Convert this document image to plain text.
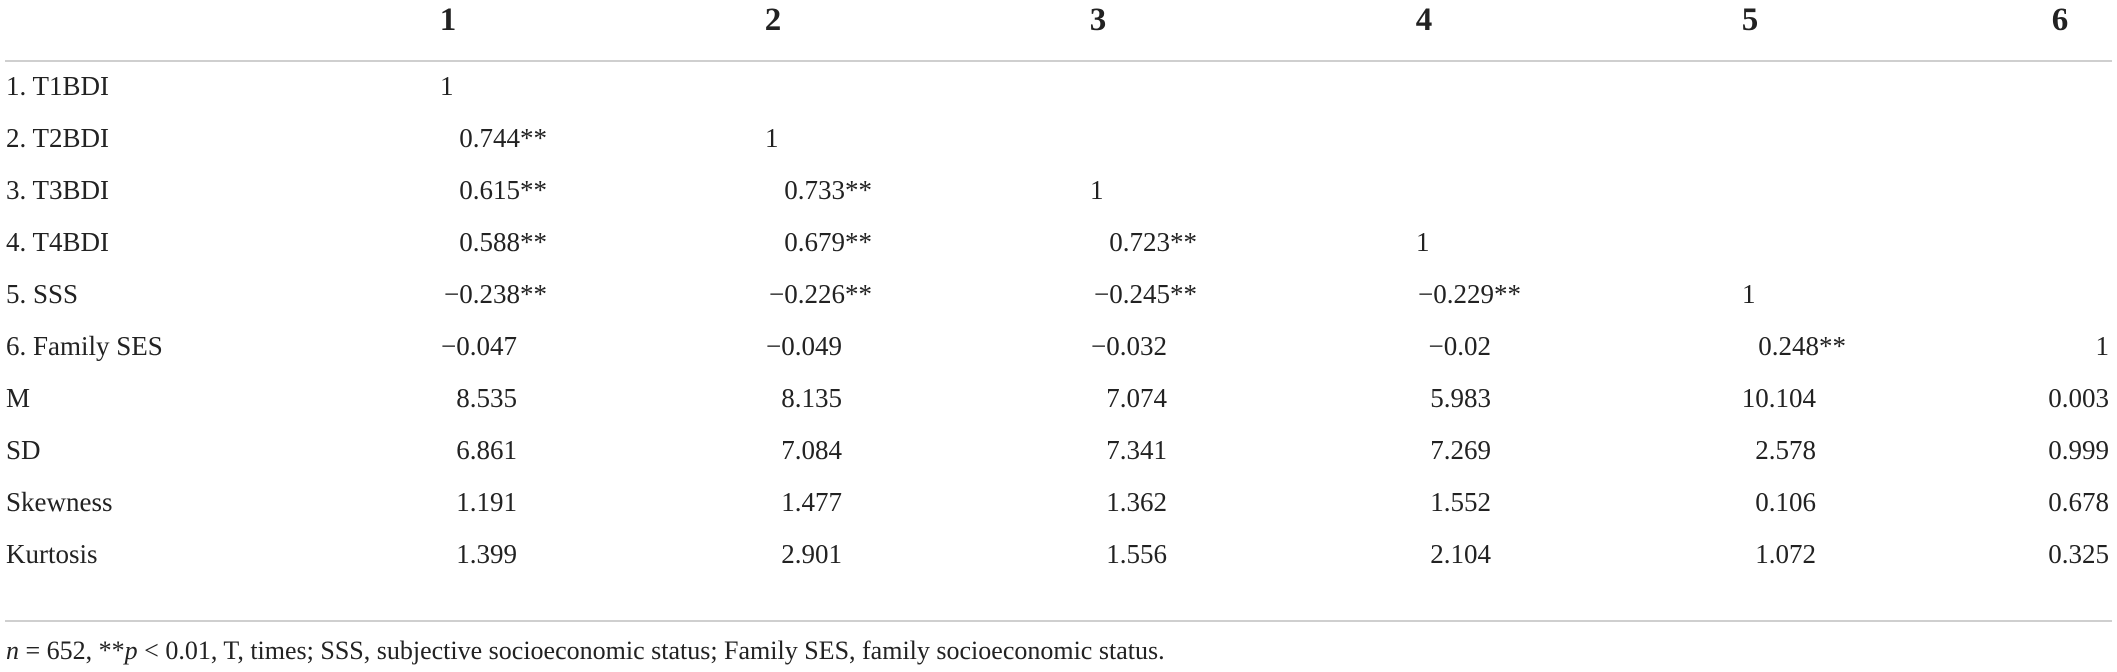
1	2	3	4	5	6
1. T1BDI	1
2. T2BDI	0.744**	1
3. T3BDI	0.615**	0.733**	1
4. T4BDI	0.588**	0.679**	0.723**	1
5. SSS	−0.238**	−0.226**	−0.245**	−0.229**	1
6. Family SES	−0.047	−0.049	−0.032	−0.02	0.248**	1
M	8.535	8.135	7.074	5.983	10.104	0.003
SD	6.861	7.084	7.341	7.269	2.578	0.999
Skewness	1.191	1.477	1.362	1.552	0.106	0.678
Kurtosis	1.399	2.901	1.556	2.104	1.072	0.325
n = 652, **p < 0.01, T, times; SSS, subjective socioeconomic status; Family SES, family socioeconomic status.
